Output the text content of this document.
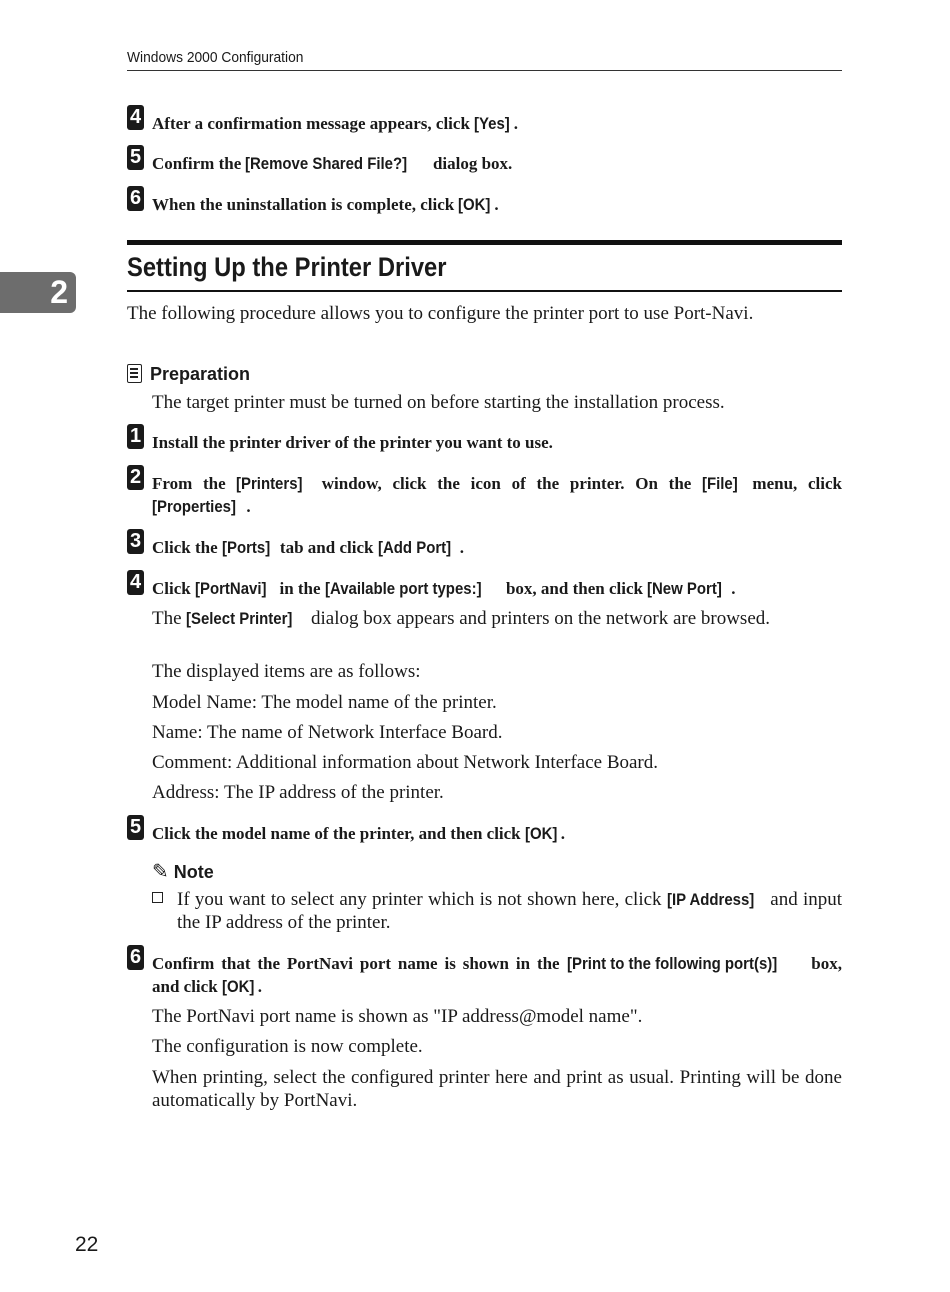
Windows 2000 Configuration
4 After a confirmation message appears, click [Yes] .
5 Confirm the [Remove Shared File?] dialog box.
6 When the uninstallation is complete, click [OK] .
Setting Up the Printer Driver
2
The following procedure allows you to configure the printer port to use Port-Navi.
Preparation
The target printer must be turned on before starting the installation process.
1 Install the printer driver of the printer you want to use.
2 From the [Printers] window, click the icon of the printer. On the [File] menu, click [Properties] .
3 Click the [Ports] tab and click [Add Port] .
4 Click [PortNavi] in the [Available port types:] box, and then click [New Port] .
The [Select Printer] dialog box appears and printers on the network are browsed.
The displayed items are as follows:
Model Name: The model name of the printer.
Name: The name of Network Interface Board.
Comment: Additional information about Network Interface Board.
Address: The IP address of the printer.
5 Click the model name of the printer, and then click [OK] .
✎ Note
If you want to select any printer which is not shown here, click [IP Address] and input the IP address of the printer.
6 Confirm that the PortNavi port name is shown in the [Print to the following port(s)] box, and click [OK] .
The PortNavi port name is shown as "IP address@model name".
The configuration is now complete.
When printing, select the configured printer here and print as usual. Printing will be done automatically by PortNavi.
22
